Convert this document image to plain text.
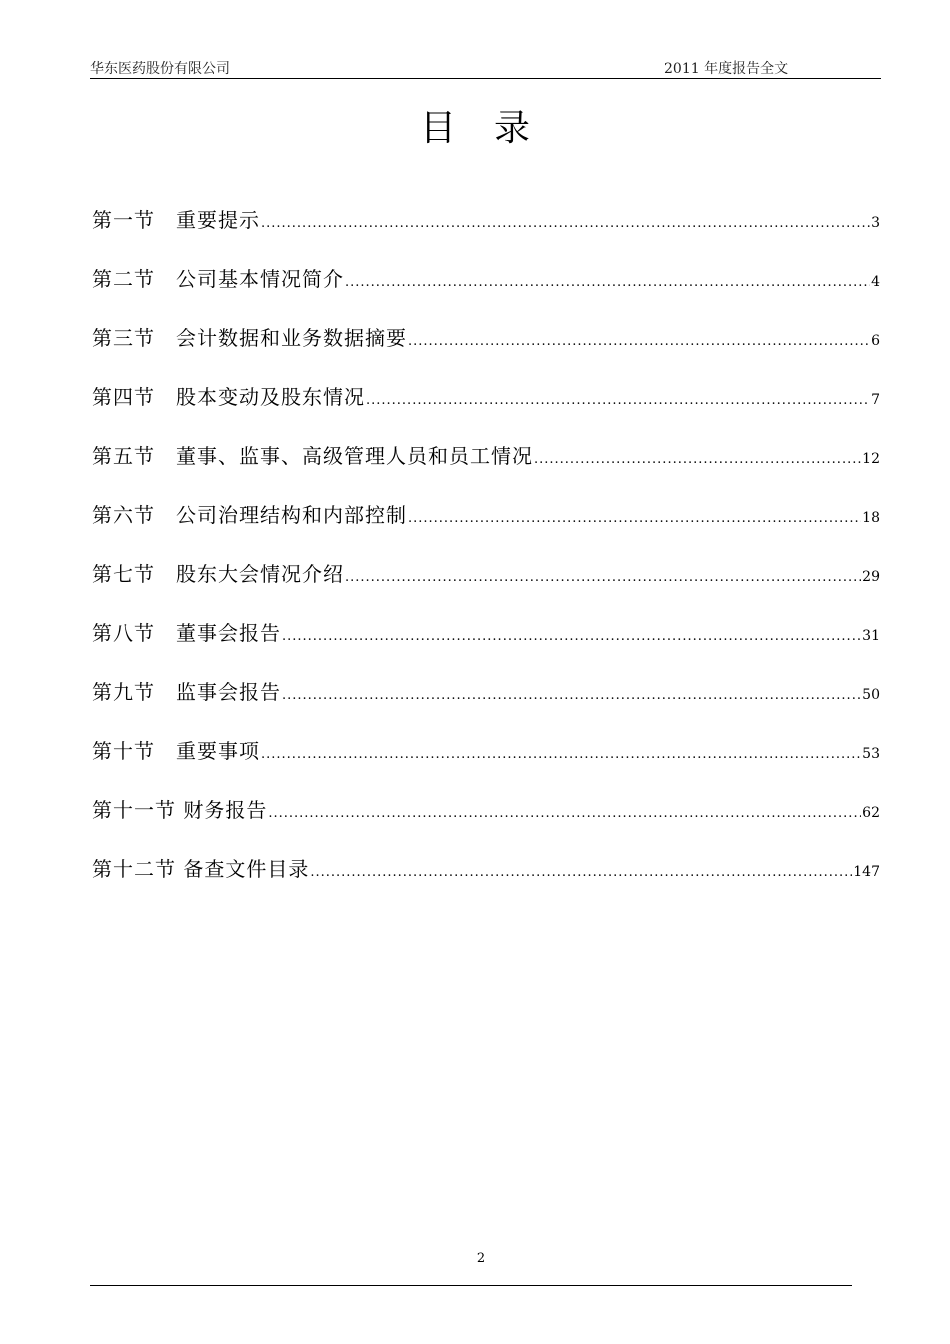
华东医药股份有限公司	2011 年度报告全文
目录
第一节　重要提示 .....	3
第二节　公司基本情况简介 .....	4
第三节　会计数据和业务数据摘要 .....	6
第四节　股本变动及股东情况 .....	7
第五节　董事、监事、高级管理人员和员工情况 .....	12
第六节　公司治理结构和内部控制 .....	18
第七节　股东大会情况介绍 .....	29
第八节　董事会报告 .....	31
第九节　监事会报告 .....	50
第十节　重要事项 .....	53
第十一节 财务报告 .....	62
第十二节 备查文件目录 .....	147
2
